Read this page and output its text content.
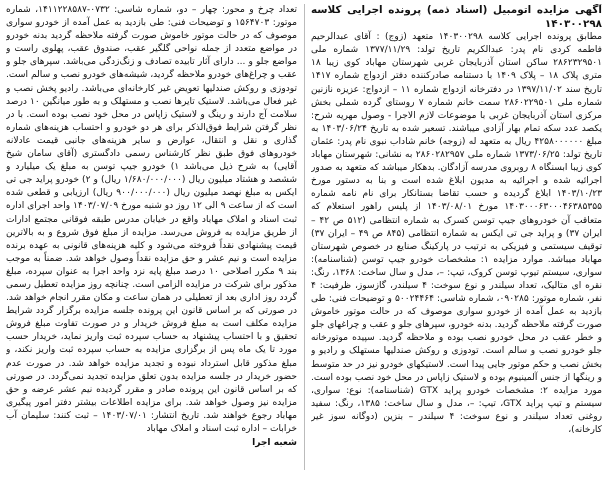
آگهی مزایده اتومبیل (اسناد ذمه) پرونده اجرایی کلاسه ۱۴۰۳۰۰۲۹۸
مطابق پرونده اجرایی کلاسه ۱۴۰۳۰۰۲۹۸ متعهد (زوج) : آقای عبدالرحیم فاطمه کردی نام پدر: عبدالکریم تاریخ تولد: ۱۳۷۷/۱۱/۲۹ شماره ملی ۲۸۶۲۳۲۹۵۰۱ ساکن استان آذربایجان غربی شهرستان مهاباد کوی زیبا ۱۸ متری پلاک ۱۸ – پلاک ۱۴۰۹ با دستنامه صادرکننده دفتر ازدواج شماره ۱۴۱۷ تاریخ سند ۱۳۹۷/۱۱/۰۲ در دفترخانه ازدواج شماره ۱۱ – ازدواج: عزیزه نازنین شماره ملی ۲۸۶۰۲۲۹۵۰۱ سمت خانم شماره ۷ روستای گرده شملی بخش مرکزی استان آذربایجان غربی با موضوعات لازم الاجرا - وصول مهریه شرح: یکصد عدد سکه تمام بهار آزادی میباشند. تسعیر شده به تاریخ ۱۴۰۳/۰۶/۲۴ به مبلغ ۴۲۵۸۰۰۰۰۰۰ ریال به متعهد له (زوجه) خانم شاداب نبوی نام پدر: عثمان تاریخ تولد: ۱۳۷۳/۰۶/۲۵ شماره ملی ۲۸۶۰۲۸۲۹۵۷ به نشانی: شهرستان مهاباد کوی زیبا ابسنگاه ۸ روبروی مدرسه آزادگان. بدهکار میباشد که متعهد به صدور اجرائیه شده و اجرائیه به مدیون ابلاغ شده است و بنا به دستور مورخ ۱۴۰۳/۱۰/۲۳ ابلاغ گردیده و حسب تقاضا بستانکار برای نام نامه شماره ۱۴۰۳۰۰۰۶۳۰۰۰۴۶۳۸۵۳۵۵ مورخ ۱۴۰۳/۰۸/۰۱ از پلیس راهور استعلام که متعاقب آن خودروهای جیپ توسن کسرک به شماره انتظامی (۵۱۲ ص ۴۲ – ایران ۳۷) و پراید جی تی ایکس به شماره انتظامی (۸۴۵ ص ۴۹ – ایران ۳۷) توقیف سیستمی و فیزیکی به ترتیب در پارکینگ صنایع در خصوص شهرستان مهاباد میباشد. موارد مزایده ۱: مشخصات خودرو جیپ توسن (شناسنامه): سواری، سیستم تیوپ توسن کروک، تیپ: –، مدل و سال ساخت: ۱۳۶۸، رنگ: نقره ای متالیک، تعداد سیلندر و نوع سوخت: ۴ سیلندر، گازسوز، ظرفیت: ۴ نفر، شماره موتور: ۰۹۰۲۸۵، شماره شاسی: ۵۰۰۲۴۴۶۴ و توضیحات فنی: طی بازدید به عمل آمده از خودرو سواری موصوف که در حالت موتور خاموش صورت گرفته ملاحظه گردید. بدنه خودرو، سپرهای جلو و عقب و چراغهای جلو و خطر عقب در محل خودرو نصب بوده و ملاحظه گردید. سپیده موتورخانه جلو خودرو نصب و سالم است. تودوزی و روکش صندلیها مستهلک و رادیو و بخش نصب و حکم موتور جایی پیدا است. لاستیکهای خودرو نیز در حد متوسط و رینگها از جنس آلمینیوم بوده و لاستیک زاپاس در محل خود نصب بوده است. مورد مزایده ۲: مشخصات خودرو پراید GTX (شناسنامه): نوع: سواری، سیستم و تیپ پراید GTX، تیپ: –، مدل و سال ساخت: ۱۳۸۵، رنگ: سفید روغنی تعداد سیلندر و نوع سوخت: ۴ سیلندر – بنزین (دوگانه سوز غیر کارخانه)،

تعداد چرخ و محور: چهار – دو، شماره شاسی: ۰۷۳۲-۱۴۱۱۲۲۸۵۸۷، شماره موتور: ۱۵۶۴۷۰۳ و توضیحات فنی: طی بازدید به عمل آمده از خودرو سواری موصوف که در حالت موتور خاموش صورت گرفته ملاحظه گردید بدنه خودرو در مواضع متعدد از جمله نواحی گلگیر عقب، صندوق عقب، پهلوی راست و مواضع جلو و ... دارای آثار تابیده تصادف و زنگ‌زدگی می‌باشد. سپرهای جلو و عقب و چراغ‌های خودرو ملاحظه گردید، شیشه‌های خودرو نصب و سالم است. تودوزی و روکش صندلیها تعویض غیر کارخانه‌ای می‌باشد. رادیو پخش نصب و غیر فعال می‌باشد. لاستیک تایرها نصب و مستهلک و به طور میانگین ۱۰ درصد سلامت آج دارند و رینگ و لاستیک زاپاس در محل خود نصب بوده است. با در نظر گرفتن شرایط فوق‌الذکر برای هر دو خودرو و احتساب هزینه‌های شماره گذاری و نقل و انتقال، عوارض و سایر هزینه‌های جانبی قیمت عادلانه خودروهای فوق طبق نظر کارشناس رسمی دادگستری (آقای سامان شیخ آقایی) به شرح ذیل می‌باشد ۱) خودرو جیپ توسن به مبلغ یک میلیارد و ششصد و هشتاد میلیون ریال (۱/۶۸۰/۰۰۰/۰۰۰ ریال) و ۲) خودرو پراید جی تی ایکس به مبلغ نهصد میلیون ریال (۹۰۰/۰۰۰/۰۰۰ ریال) ارزیابی و قطعی شده است که از ساعت ۹ الی ۱۲ روز دو شنبه مورخ ۱۴۰۳/۰۷/۰۹ واحد اجرای اداره ثبت اسناد و املاک مهاباد واقع در خیابان مدرس طبقه فوقانی مجتمع ادارات از طریق مزایده به فروش می‌رسد. مزایده از مبلغ فوق شروع و به بالاترین قیمت پیشنهادی نقداً فروخته می‌شود و کلیه هزینه‌های قانونی به عهده برنده مزایده است و نیم عشر و حق مزایده نقداً وصول خواهد شد. ضمناً به موجب بند ۹ مکرر اصلاحی ۱۰ درصد مبلغ پایه نزد واحد اجرا به عنوان سپرده، مبلغ مذکور برای شرکت در مزایده الزامی است. چنانچه روز مزایده تعطیل رسمی گردد روز اداری بعد از تعطیلی در همان ساعت و مکان مقرر انجام خواهد شد. در صورتی که بر اساس قانون این پرونده جلسه مزایده برگزار گردد شرایط مزایده مکلف است به مبلغ فروش خریدار و در صورت تفاوت مبلغ فروش تحقیق و با احتساب پیشنهاد به حساب سپرده ثبت واریز نماید، خریدار حسب مورد تا یک ماه پس از برگزاری مزایده به حساب سپرده ثبت واریز نکند، و مبلغ مذکور قابل استرداد نبوده و تجدید مزایده خواهد شد. در صورت عدم حضور خریدار در جلسه مزایده بدون تعلق مزایده تجدید نمی‌گردد. در صورتی که بر اساس قانون این پرونده صادر و مقرر گردیده نیم عشر عرضه و حق مزایده نیز وصول خواهد شد. برای مزایده اطلاعات بیشتر دفتر امور پیگیری مهاباد رجوع خواهند شد. تاریخ انتشار: ۱۴۰۳/۰۷/۰۱ – ثبت کنند: سلیمان آب خرابات – اداره ثبت اسناد و املاک مهاباد
شعبه اجرا
